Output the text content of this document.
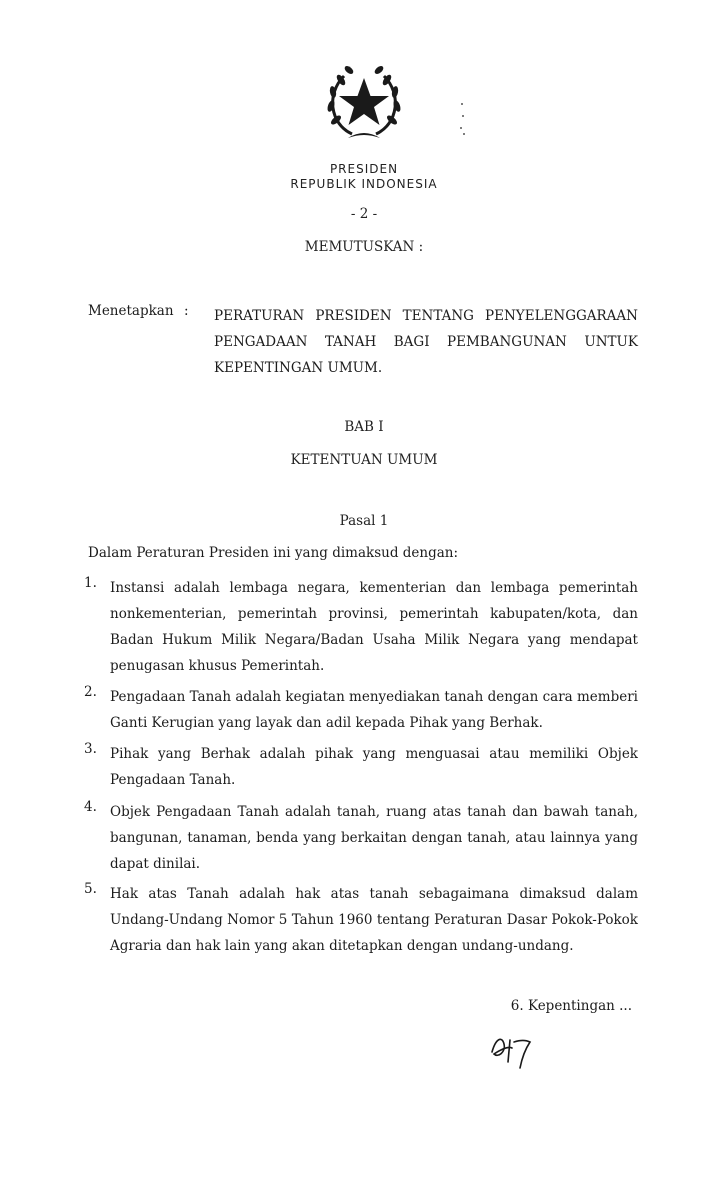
PRESIDEN
REPUBLIK INDONESIA
- 2 -
MEMUTUSKAN :
Menetapkan : PERATURAN PRESIDEN TENTANG PENYELENGGARAAN
PENGADAAN TANAH BAGI PEMBANGUNAN UNTUK
KEPENTINGAN UMUM.
BAB I
KETENTUAN UMUM
Pasal 1
Dalam Peraturan Presiden ini yang dimaksud dengan:
1. Instansi adalah lembaga negara, kementerian dan lembaga pemerintah nonkementerian, pemerintah provinsi, pemerintah kabupaten/kota, dan Badan Hukum Milik Negara/Badan Usaha Milik Negara yang mendapat penugasan khusus Pemerintah.
2. Pengadaan Tanah adalah kegiatan menyediakan tanah dengan cara memberi Ganti Kerugian yang layak dan adil kepada Pihak yang Berhak.
3. Pihak yang Berhak adalah pihak yang menguasai atau memiliki Objek Pengadaan Tanah.
4. Objek Pengadaan Tanah adalah tanah, ruang atas tanah dan bawah tanah, bangunan, tanaman, benda yang berkaitan dengan tanah, atau lainnya yang dapat dinilai.
5. Hak atas Tanah adalah hak atas tanah sebagaimana dimaksud dalam Undang-Undang Nomor 5 Tahun 1960 tentang Peraturan Dasar Pokok-Pokok Agraria dan hak lain yang akan ditetapkan dengan undang-undang.
6. Kepentingan ...
